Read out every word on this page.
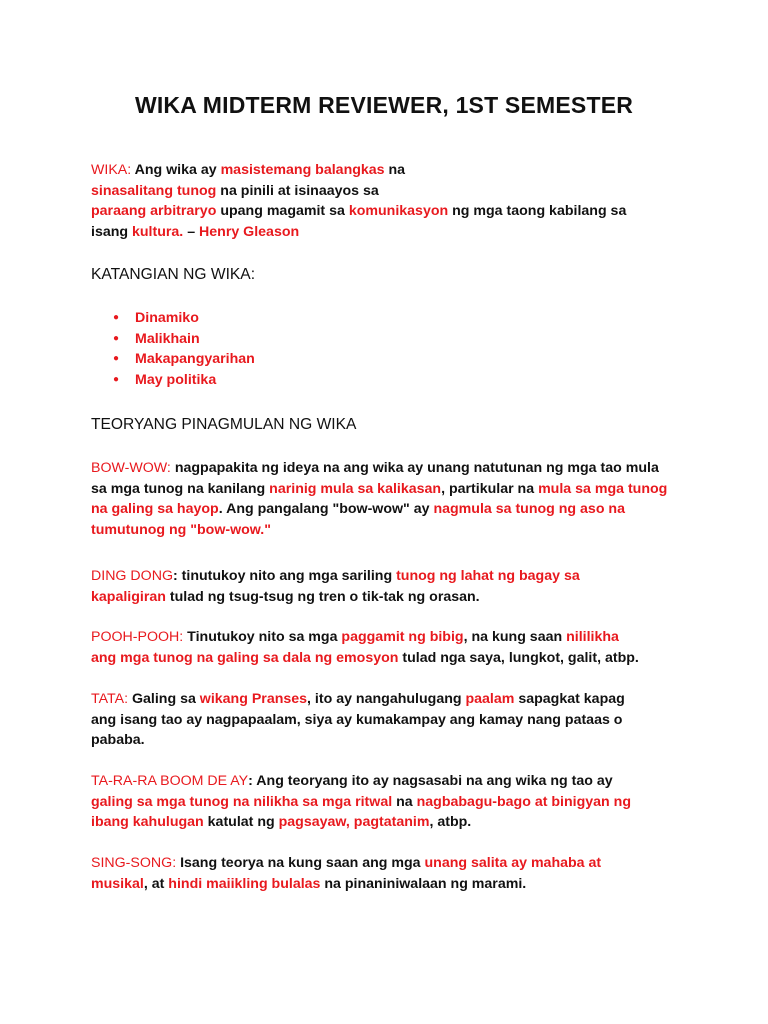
WIKA MIDTERM REVIEWER, 1ST SEMESTER
WIKA: Ang wika ay masistemang balangkas na
sinasalitang tunog na pinili at isinaayos sa
paraang arbitraryo upang magamit sa komunikasyon ng mga taong kabilang sa
isang kultura. – Henry Gleason
KATANGIAN NG WIKA:
● Dinamiko
● Malikhain
● Makapangyarihan
● May politika
TEORYANG PINAGMULAN NG WIKA
BOW-WOW: nagpapakita ng ideya na ang wika ay unang natutunan ng mga tao mula
sa mga tunog na kanilang narinig mula sa kalikasan, partikular na mula sa mga tunog
na galing sa hayop. Ang pangalang "bow-wow" ay nagmula sa tunog ng aso na
tumutunog ng "bow-wow."
DING DONG: tinutukoy nito ang mga sariling tunog ng lahat ng bagay sa
kapaligiran tulad ng tsug-tsug ng tren o tik-tak ng orasan.
POOH-POOH: Tinutukoy nito sa mga paggamit ng bibig, na kung saan nililikha
ang mga tunog na galing sa dala ng emosyon tulad nga saya, lungkot, galit, atbp.
TATA: Galing sa wikang Pranses, ito ay nangahulugang paalam sapagkat kapag
ang isang tao ay nagpapaalam, siya ay kumakampay ang kamay nang pataas o
pababa.
TA-RA-RA BOOM DE AY: Ang teoryang ito ay nagsasabi na ang wika ng tao ay
galing sa mga tunog na nilikha sa mga ritwal na nagbabagu-bago at binigyan ng
ibang kahulugan katulat ng pagsayaw, pagtatanim, atbp.
SING-SONG: Isang teorya na kung saan ang mga unang salita ay mahaba at
musikal, at hindi maiikling bulalas na pinaniniwalaan ng marami.
